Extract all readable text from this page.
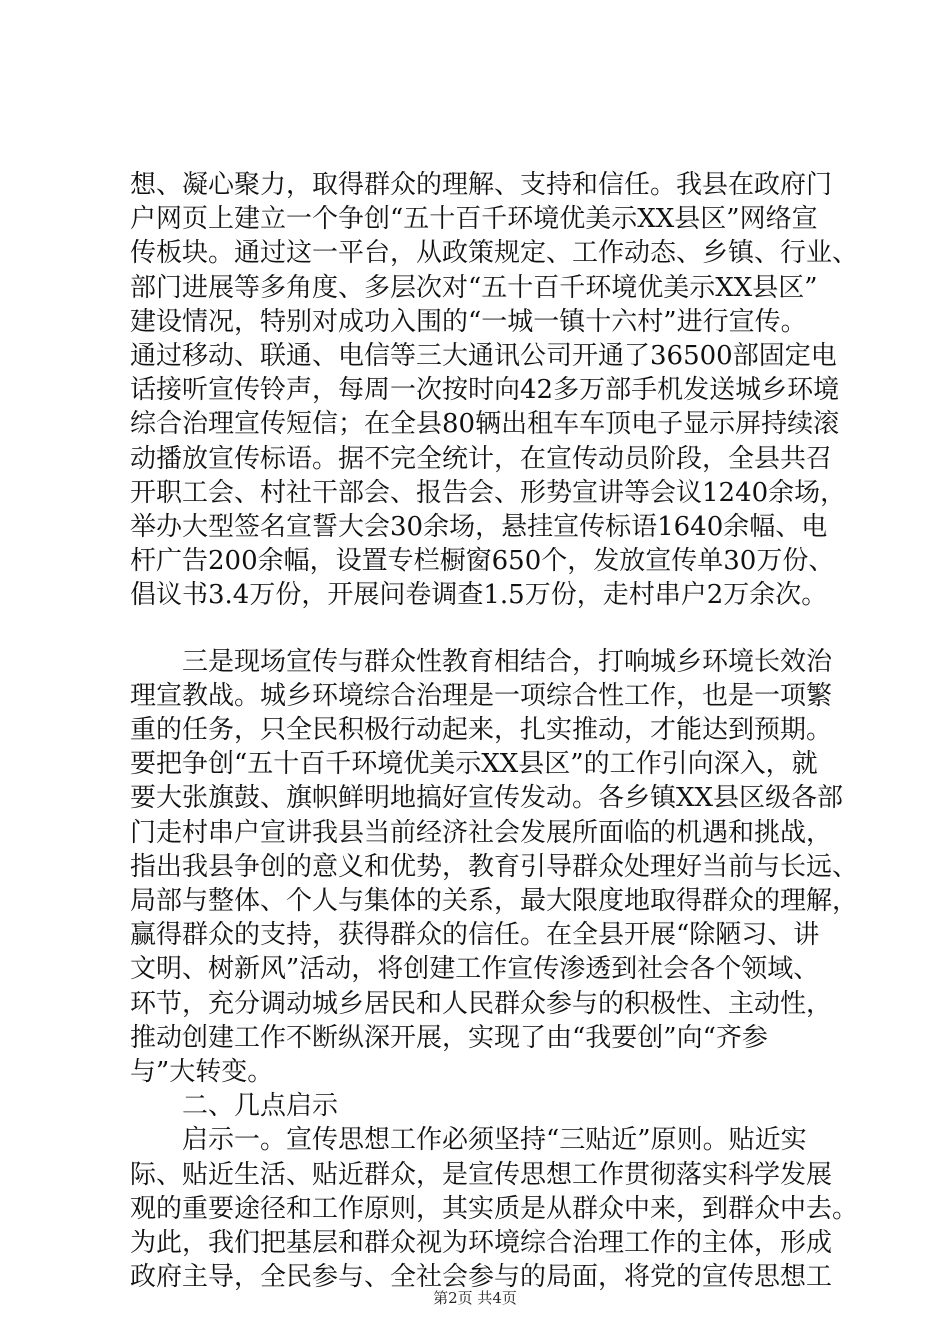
想、凝心聚力，取得群众的理解、支持和信任。我县在政府门
户网页上建立一个争创“五十百千环境优美示XX县区”网络宣
传板块。通过这一平台，从政策规定、工作动态、乡镇、行业、
部门进展等多角度、多层次对“五十百千环境优美示XX县区”
建设情况，特别对成功入围的“一城一镇十六村”进行宣传。
通过移动、联通、电信等三大通讯公司开通了36500部固定电
话接听宣传铃声，每周一次按时向42多万部手机发送城乡环境
综合治理宣传短信；在全县80辆出租车车顶电子显示屏持续滚
动播放宣传标语。据不完全统计，在宣传动员阶段，全县共召
开职工会、村社干部会、报告会、形势宣讲等会议1240余场，
举办大型签名宣誓大会30余场，悬挂宣传标语1640余幅、电
杆广告200余幅，设置专栏橱窗650个，发放宣传单30万份、
倡议书3.4万份，开展问卷调查1.5万份，走村串户2万余次。
　　三是现场宣传与群众性教育相结合，打响城乡环境长效治
理宣教战。城乡环境综合治理是一项综合性工作，也是一项繁
重的任务，只全民积极行动起来，扎实推动，才能达到预期。
要把争创“五十百千环境优美示XX县区”的工作引向深入，就
要大张旗鼓、旗帜鲜明地搞好宣传发动。各乡镇XX县区级各部
门走村串户宣讲我县当前经济社会发展所面临的机遇和挑战，
指出我县争创的意义和优势，教育引导群众处理好当前与长远、
局部与整体、个人与集体的关系，最大限度地取得群众的理解，
赢得群众的支持，获得群众的信任。在全县开展“除陋习、讲
文明、树新风”活动，将创建工作宣传渗透到社会各个领域、
环节，充分调动城乡居民和人民群众参与的积极性、主动性，
推动创建工作不断纵深开展，实现了由“我要创”向“齐参
与”大转变。
　　二、几点启示
　　启示一。宣传思想工作必须坚持“三贴近”原则。贴近实
际、贴近生活、贴近群众，是宣传思想工作贯彻落实科学发展
观的重要途径和工作原则，其实质是从群众中来，到群众中去。
为此，我们把基层和群众视为环境综合治理工作的主体，形成
政府主导，全民参与、全社会参与的局面，将党的宣传思想工
第2页 共4页
